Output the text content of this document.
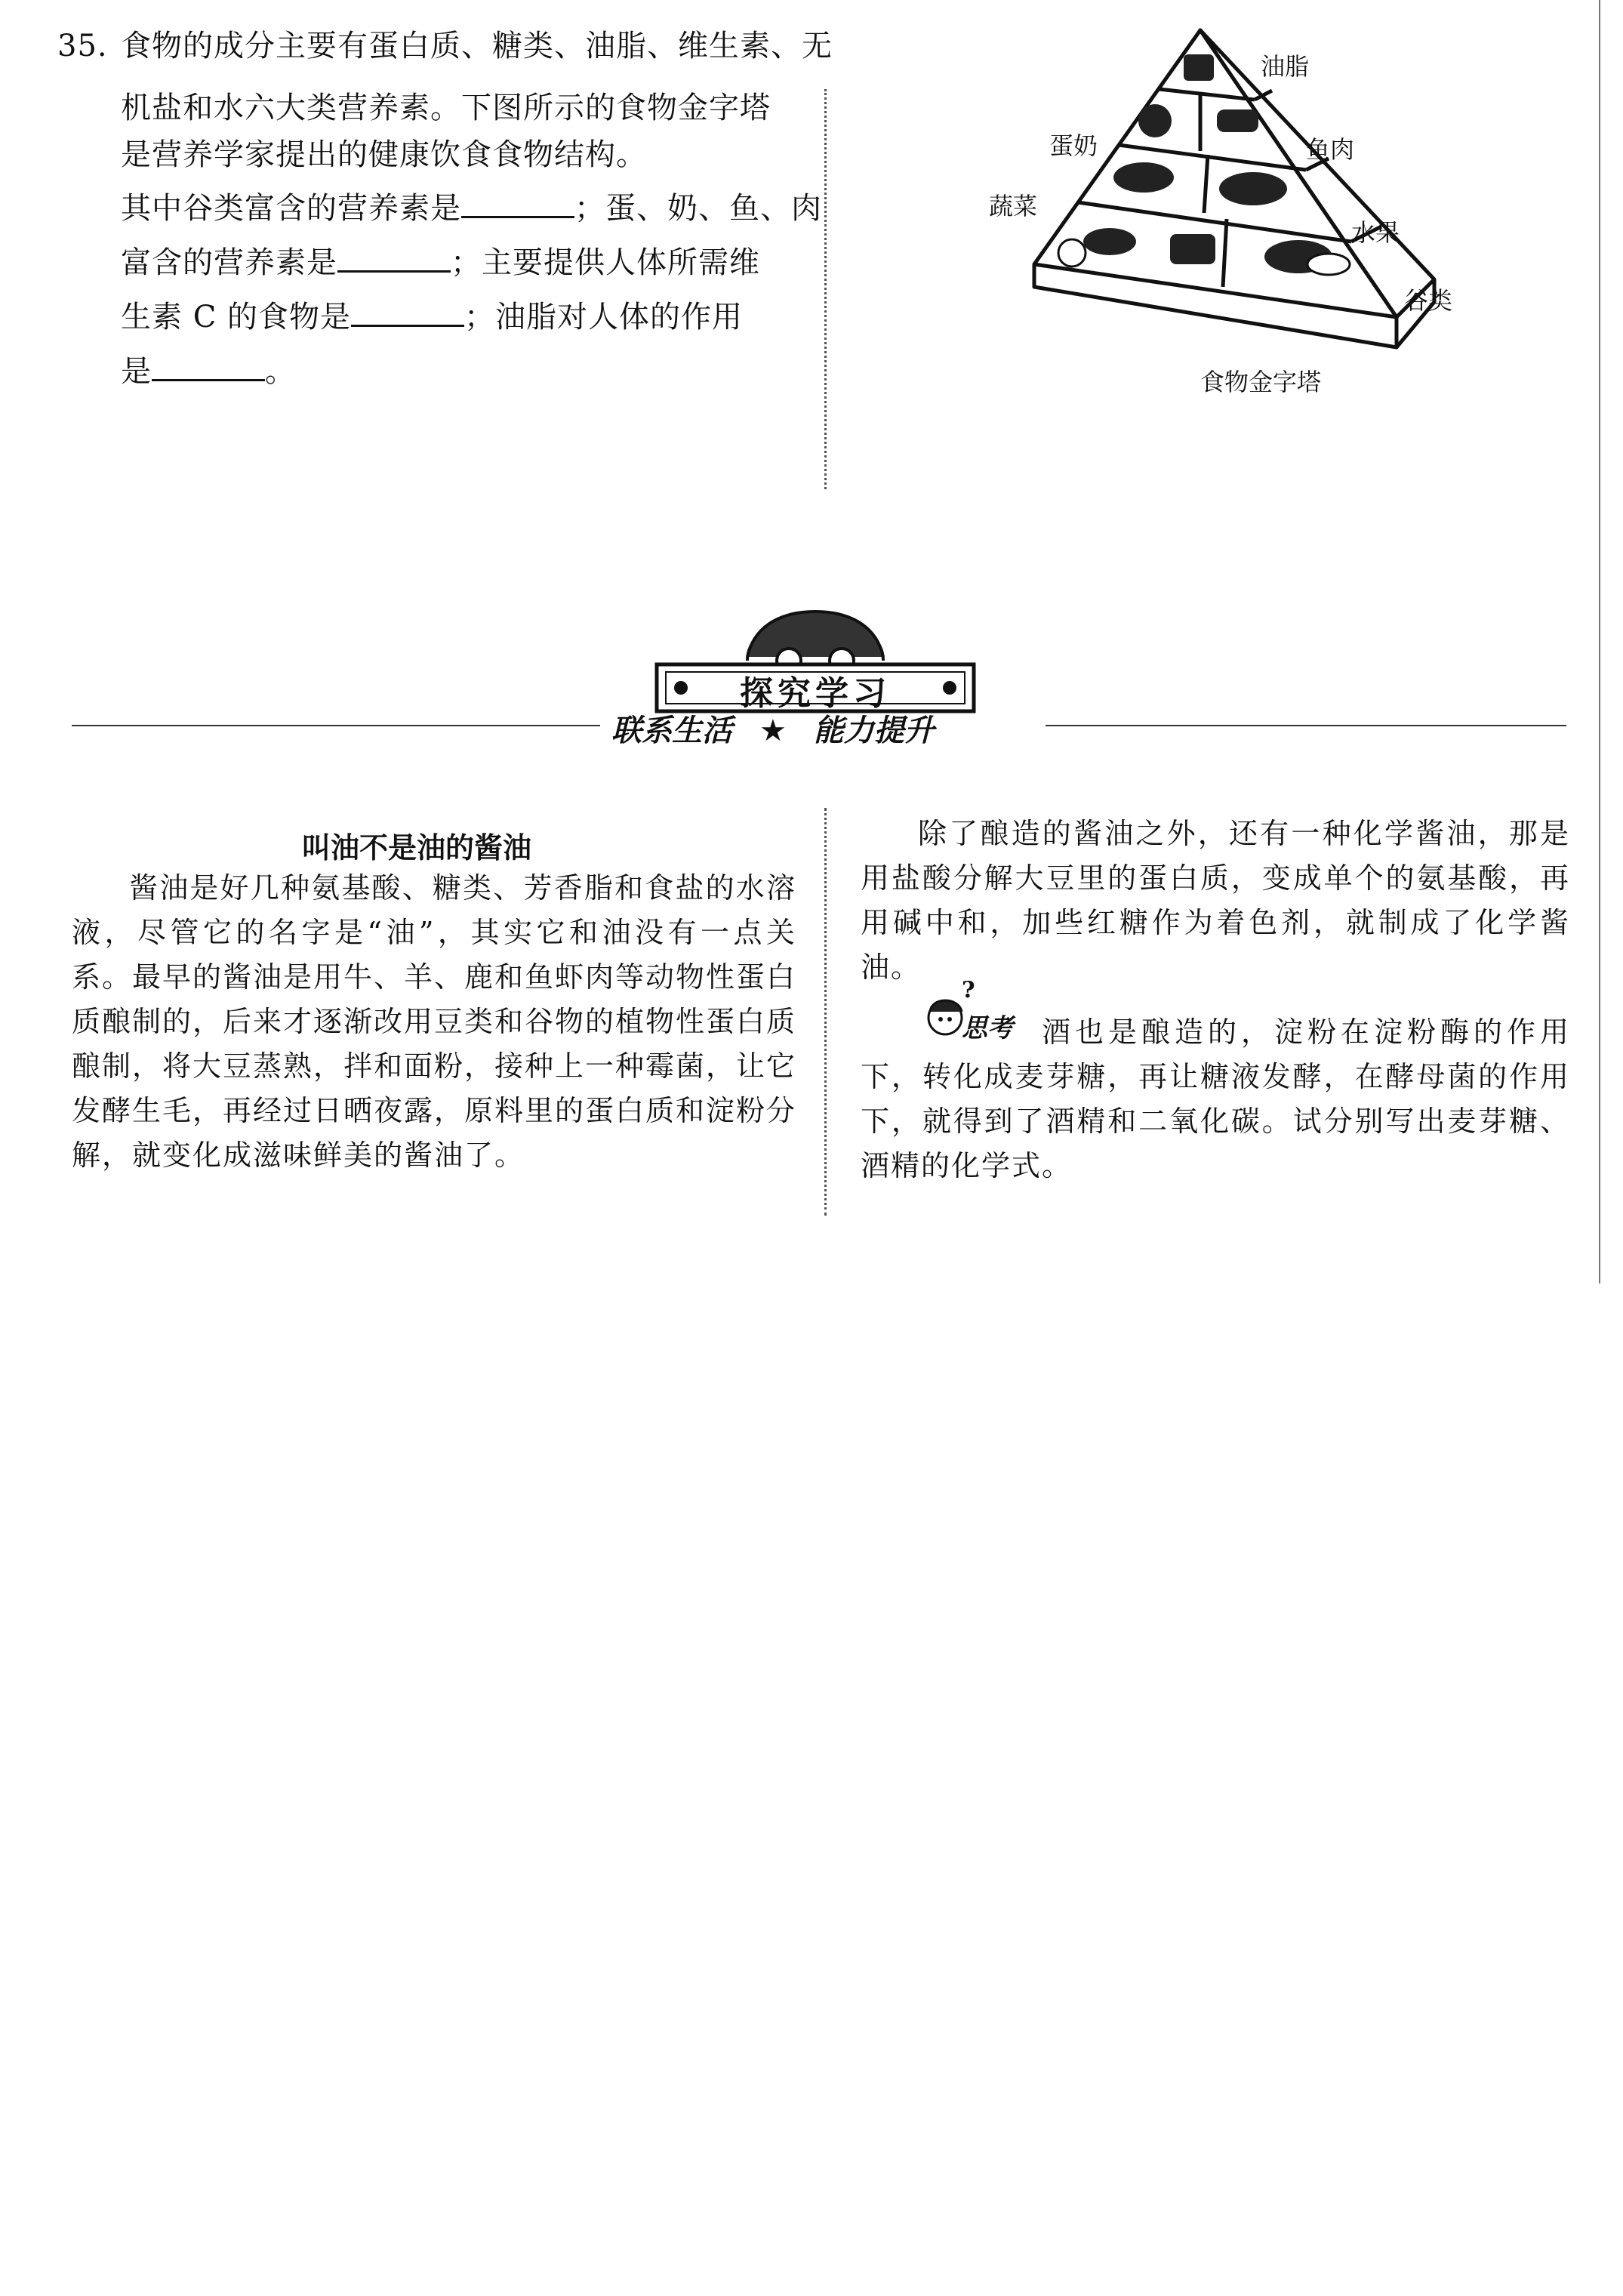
35. 食物的成分主要有蛋白质、糖类、油脂、维生素、无
机盐和水六大类营养素。下图所示的食物金字塔
是营养学家提出的健康饮食食物结构。
其中谷类富含的营养素是	；蛋、奶、鱼、肉
富含的营养素是	；主要提供人体所需维
生素 C 的食物是	；油脂对人体的作用
是	。
油脂
蛋奶	鱼肉
蔬菜
水果
谷类
食物金字塔
探究学习
联系生活 ★ 能力提升
叫油不是油的酱油

酱油是好几种氨基酸、糖类、芳香脂和食盐的水溶液，尽管它的名字是“油”，其实它和油没有一点关系。最早的酱油是用牛、羊、鹿和鱼虾肉等动物性蛋白质酿制的，后来才逐渐改用豆类和谷物的植物性蛋白质酿制，将大豆蒸熟，拌和面粉，接种上一种霉菌，让它发酵生毛，再经过日晒夜露，原料里的蛋白质和淀粉分解，就变化成滋味鲜美的酱油了。

除了酿造的酱油之外，还有一种化学酱油，那是用盐酸分解大豆里的蛋白质，变成单个的氨基酸，再用碱中和，加些红糖作为着色剂，就制成了化学酱油。

?
思考	酒也是酿造的，淀粉在淀粉酶的作用下，转化成麦芽糖，再让糖液发酵，在酵母菌的作用下，就得到了酒精和二氧化碳。试分别写出麦芽糖、酒精的化学式。
